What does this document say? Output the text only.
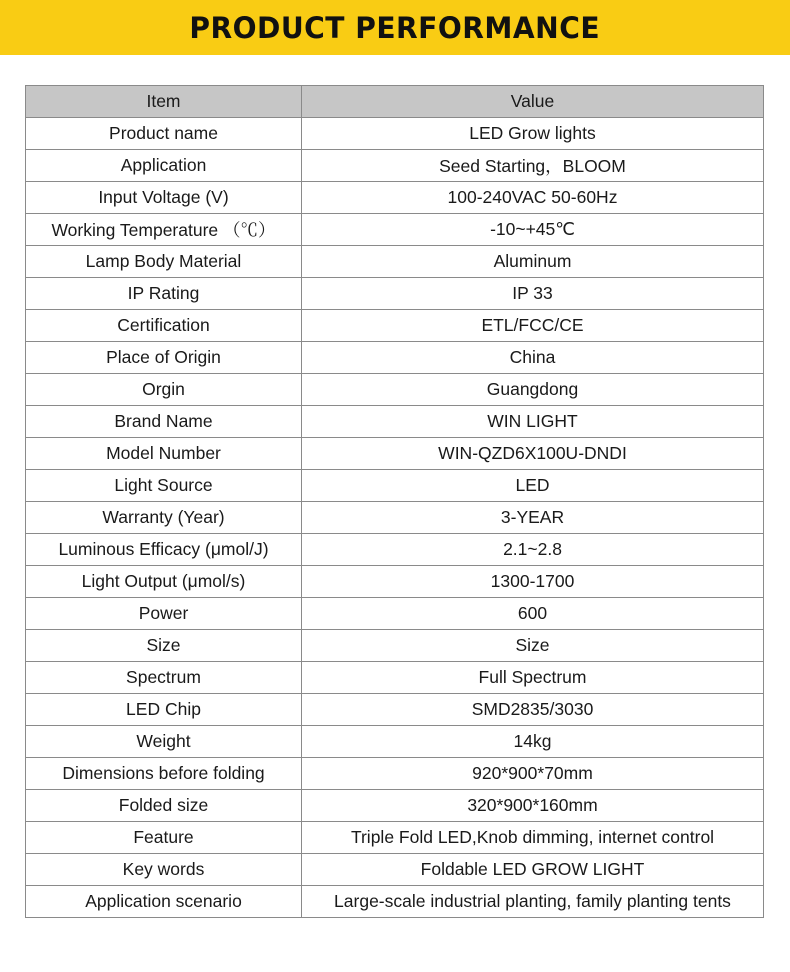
PRODUCT PERFORMANCE
Item	Value
Product name	LED Grow lights
Application	Seed Starting，BLOOM
Input Voltage (V)	100-240VAC 50-60Hz
Working Temperature （℃）	-10~+45℃
Lamp Body Material	Aluminum
IP Rating	IP 33
Certification	ETL/FCC/CE
Place of Origin	China
Orgin	Guangdong
Brand Name	WIN LIGHT
Model Number	WIN-QZD6X100U-DNDI
Light Source	LED
Warranty (Year)	3-YEAR
Luminous Efficacy (μmol/J)	2.1~2.8
Light Output (μmol/s)	1300-1700
Power	600
Size	Size
Spectrum	Full Spectrum
LED Chip	SMD2835/3030
Weight	14kg
Dimensions before folding	920*900*70mm
Folded size	320*900*160mm
Feature	Triple Fold LED,Knob dimming, internet control
Key words	Foldable LED GROW LIGHT
Application scenario	Large-scale industrial planting, family planting tents
